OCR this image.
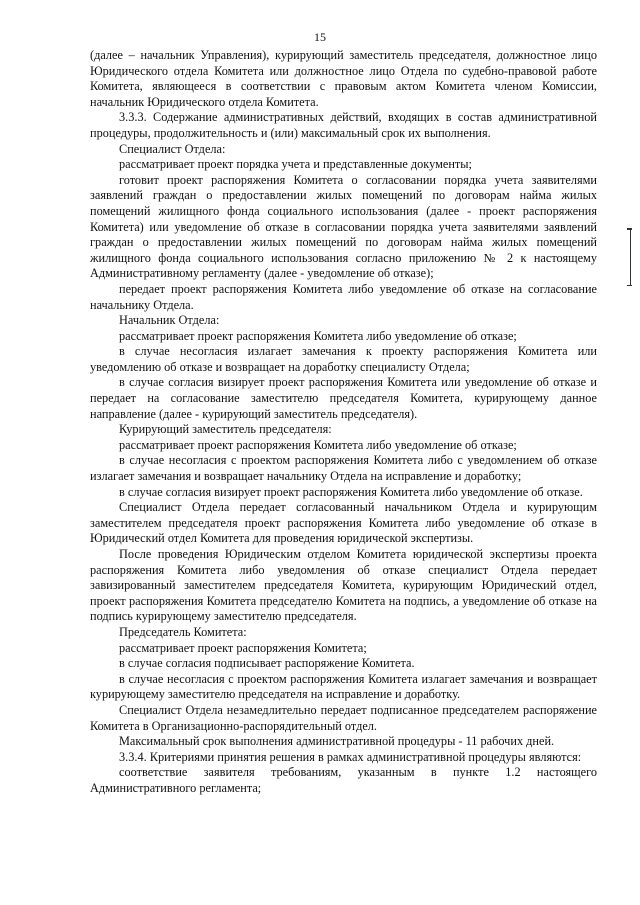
15

(далее – начальник Управления), курирующий заместитель председателя, должностное лицо Юридического отдела Комитета или должностное лицо Отдела по судебно-правовой работе Комитета, являющееся в соответствии с правовым актом Комитета членом Комиссии, начальник Юридического отдела Комитета.

3.3.3. Содержание административных действий, входящих в состав административной процедуры, продолжительность и (или) максимальный срок их выполнения.

Специалист Отдела:

рассматривает проект порядка учета и представленные документы;

готовит проект распоряжения Комитета о согласовании порядка учета заявителями заявлений граждан о предоставлении жилых помещений по договорам найма жилых помещений жилищного фонда социального использования (далее - проект распоряжения Комитета) или уведомление об отказе в согласовании порядка учета заявителями заявлений граждан о предоставлении жилых помещений по договорам найма жилых помещений жилищного фонда социального использования согласно приложению № 2 к настоящему Административному регламенту (далее - уведомление об отказе);

передает проект распоряжения Комитета либо уведомление об отказе на согласование начальнику Отдела.

Начальник Отдела:

рассматривает проект распоряжения Комитета либо уведомление об отказе;

в случае несогласия излагает замечания к проекту распоряжения Комитета или уведомлению об отказе и возвращает на доработку специалисту Отдела;

в случае согласия визирует проект распоряжения Комитета или уведомление об отказе и передает на согласование заместителю председателя Комитета, курирующему данное направление (далее - курирующий заместитель председателя).

Курирующий заместитель председателя:

рассматривает проект распоряжения Комитета либо уведомление об отказе;

в случае несогласия с проектом распоряжения Комитета либо с уведомлением об отказе излагает замечания и возвращает начальнику Отдела на исправление и доработку;

в случае согласия визирует проект распоряжения Комитета либо уведомление об отказе.

Специалист Отдела передает согласованный начальником Отдела и курирующим заместителем председателя проект распоряжения Комитета либо уведомление об отказе в Юридический отдел Комитета для проведения юридической экспертизы.

После проведения Юридическим отделом Комитета юридической экспертизы проекта распоряжения Комитета либо уведомления об отказе специалист Отдела передает завизированный заместителем председателя Комитета, курирующим Юридический отдел, проект распоряжения Комитета председателю Комитета на подпись, а уведомление об отказе на подпись курирующему заместителю председателя.

Председатель Комитета:

рассматривает проект распоряжения Комитета;

в случае согласия подписывает распоряжение Комитета.

в случае несогласия с проектом распоряжения Комитета излагает замечания и возвращает курирующему заместителю председателя на исправление и доработку.

Специалист Отдела незамедлительно передает подписанное председателем распоряжение Комитета в Организационно-распорядительный отдел.

Максимальный срок выполнения административной процедуры - 11 рабочих дней.

3.3.4. Критериями принятия решения в рамках административной процедуры являются:

соответствие заявителя требованиям, указанным в пункте 1.2 настоящего Административного регламента;
